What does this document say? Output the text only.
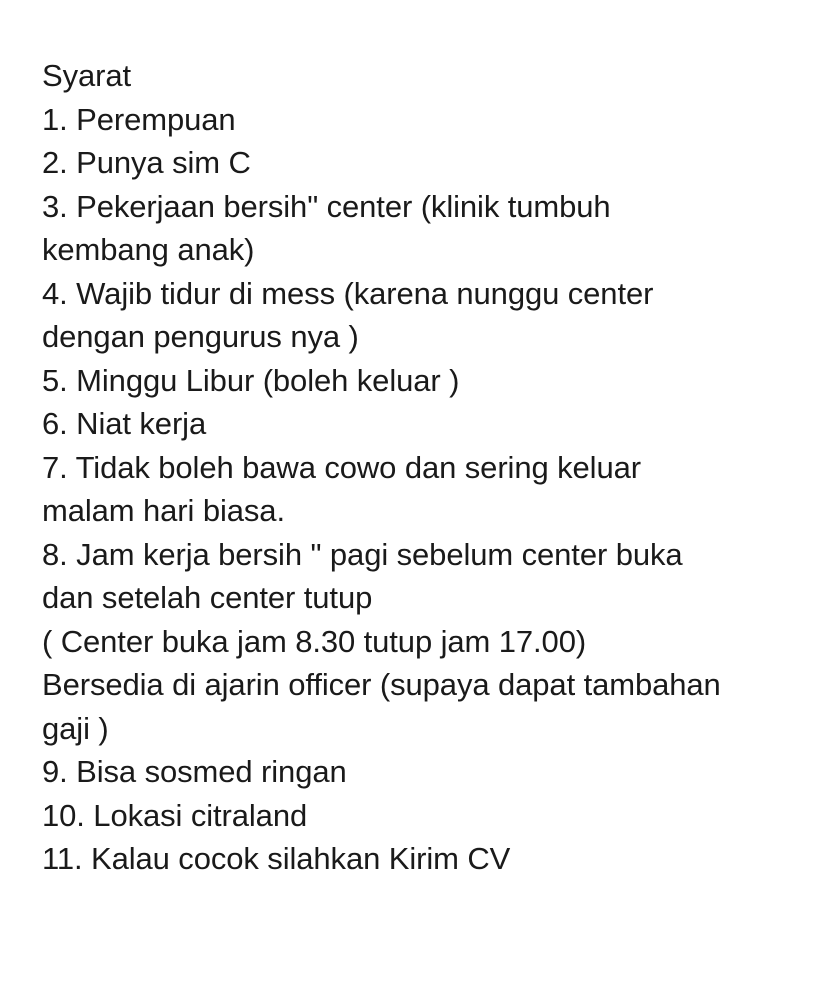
Syarat
1. Perempuan
2. Punya sim C
3. Pekerjaan bersih" center (klinik tumbuh
kembang anak)
4. Wajib tidur di mess (karena nunggu center
dengan pengurus nya )
5. Minggu Libur (boleh keluar )
6. Niat kerja
7. Tidak boleh bawa cowo dan sering keluar
malam hari biasa.
8. Jam kerja bersih " pagi sebelum center buka
dan setelah center tutup
( Center buka jam 8.30 tutup jam 17.00)
Bersedia di ajarin officer (supaya dapat tambahan
gaji )
9. Bisa sosmed ringan
10. Lokasi citraland
11. Kalau cocok silahkan Kirim CV
